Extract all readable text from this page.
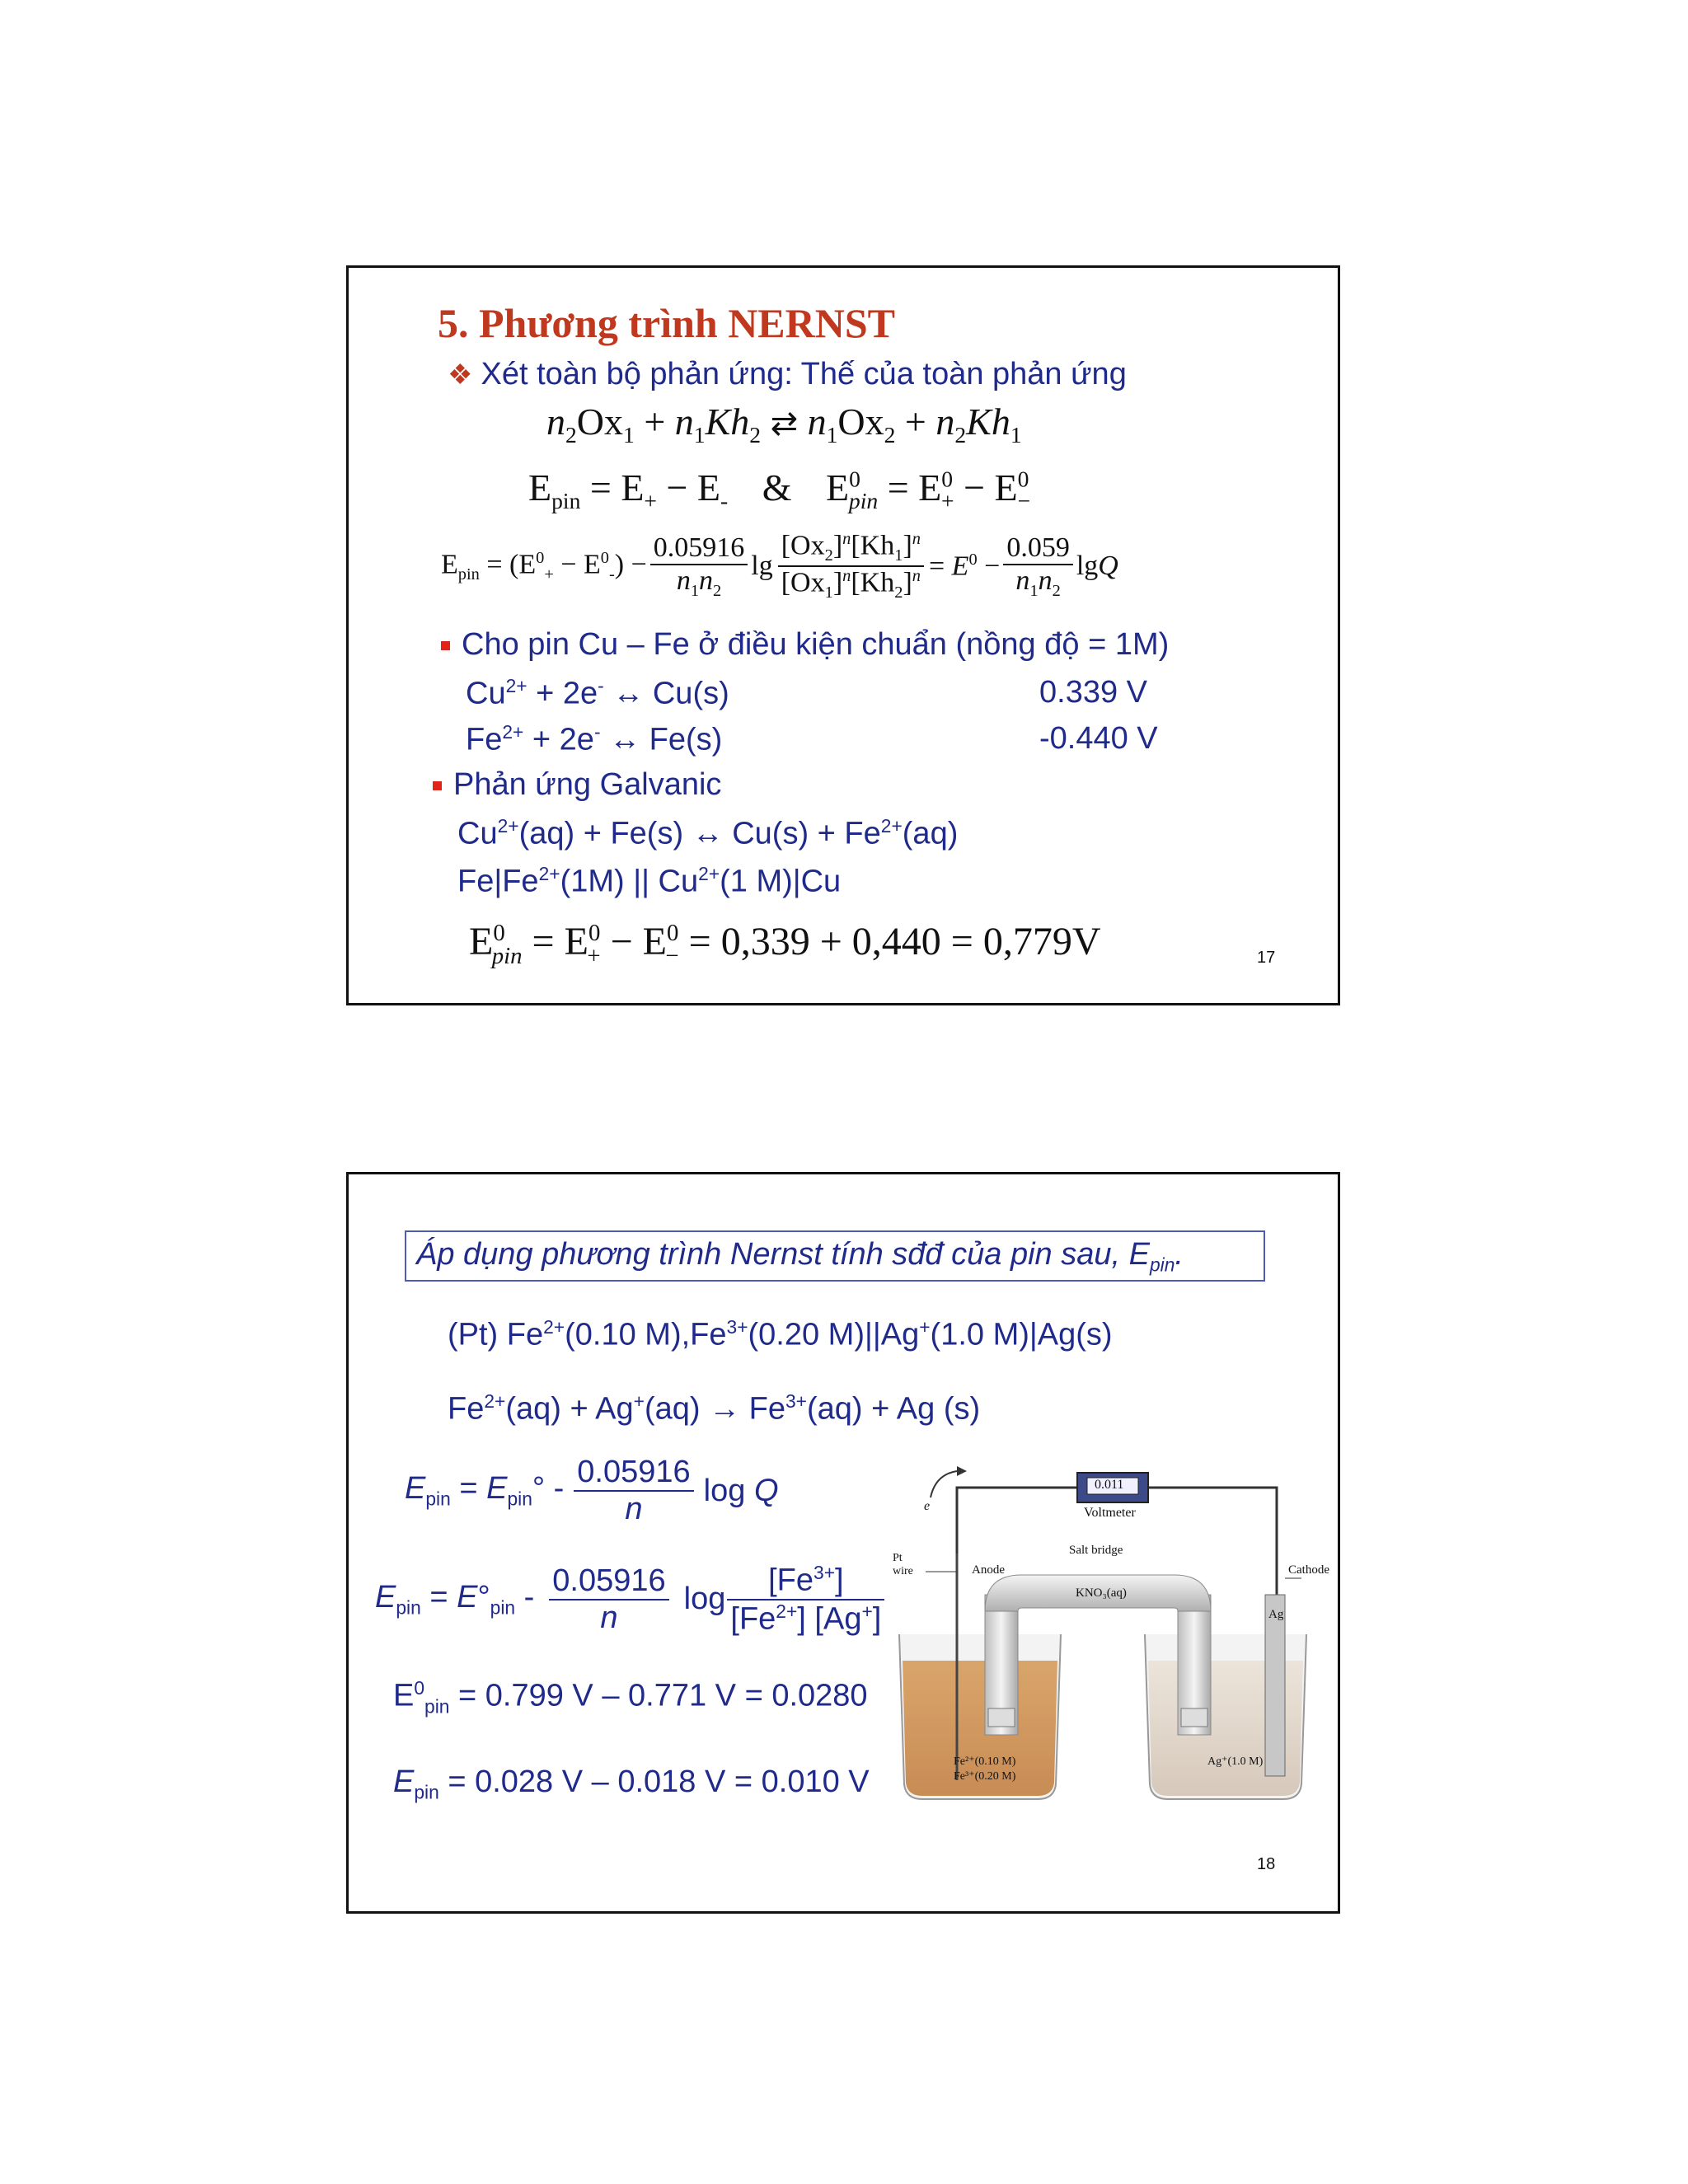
5. Phương trình NERNST
❖ Xét toàn bộ phản ứng: Thế của toàn phản ứng
$n_2Ox_1 + n_1Kh_2$ ⇄ $n_1Ox_2 + n_2Kh_1$
$E_{pin} = E_+ - E_-$ & $E^0_{pin} = E^0_+ - E^0_-$
$E_{pin} = (E^0_+ - E^0_-) - \frac{0.05916}{n_1n_2}$ $\lg \frac{[Ox_2]^n[Kh_1]^n}{[Ox_1]^n[Kh_2]^n} = E^0 - \frac{0.059}{n_1n_2}$ lgQ
Cho pin Cu – Fe ở điều kiện chuẩn (nồng độ = 1M)
$Cu^{2+} + 2e^-$ ↔ Cu(s)	0.339 V
$Fe^{2+} + 2e^-$ ↔ Fe(s)	-0.440 V
Phản ứng Galvanic
$Cu^{2+}(aq) + Fe(s)$ ↔ $Cu(s) + Fe^{2+}(aq)$
$Fe|Fe^{2+}(1M)$ || $Cu^{2+}(1$ M)|Cu
$E^0_{pin} = E^0_+ - E^0_- = 0,339 + 0,440 = 0,779V$	17
Áp dụng phương trình Nernst tính sđđ của pin sau, $E_{pin}$.
(Pt) $Fe^{2+}(0.10$ $M),Fe^{3+}(0.20$ M)||Ag+(1.0 M)|Ag(s)
$Fe^{2+}(aq) + Ag^+(aq) \to Fe^{3+}(aq) + Ag$ (s)
$E_{pin} = E_{pin}^\circ - \frac{0.05916}{n}$ log Q
$E_{pin} = E^\circ_{pin} - \frac{0.05916}{n}$ $\log \frac{[Fe^{3+}]}{[Fe^{2+}] [Ag^+]}$
$E^0_{pin} = 0.799$ V – 0.771 V = 0.0280
$E_{pin} = 0.028$ V – 0.018 V = 0.010 V
0.011
Voltmeter
e
Pt wire	Anode
Salt bridge
KNO₃(aq)
Cathode
Ag
Fe²⁺(0.10 M)
Fe³⁺(0.20 M)
Ag⁺(1.0 M)
18
